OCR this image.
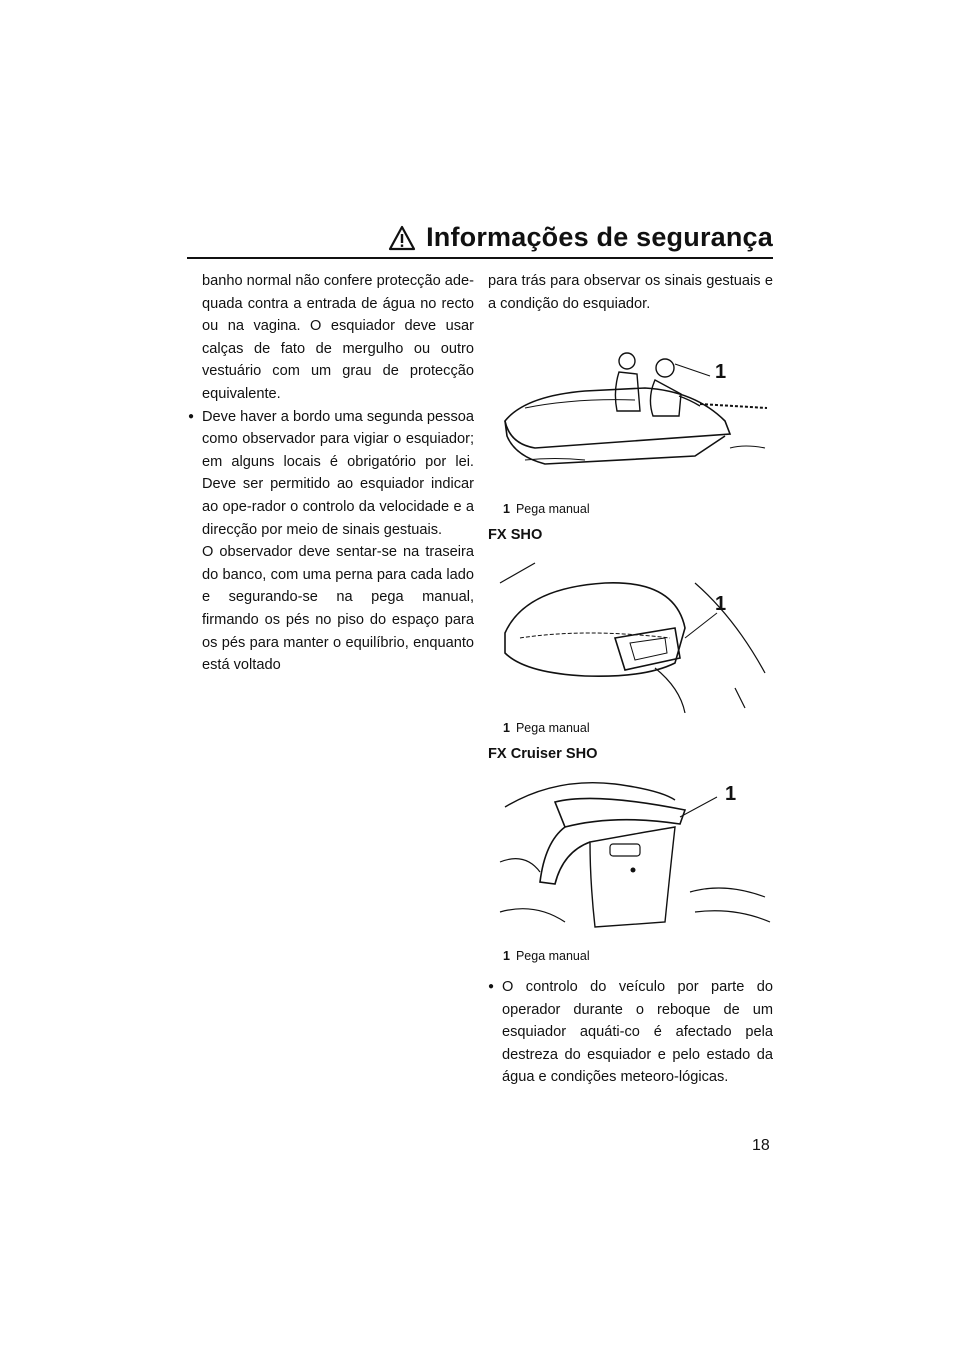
Informações de segurança

banho normal não confere protecção ade-quada contra a entrada de água no recto ou na vagina. O esquiador deve usar calças de fato de mergulho ou outro vestuário com um grau de protecção equivalente.

● Deve haver a bordo uma segunda pessoa como observador para vigiar o esquiador; em alguns locais é obrigatório por lei. Deve ser permitido ao esquiador indicar ao ope-rador o controlo da velocidade e a direcção por meio de sinais gestuais.

O observador deve sentar-se na traseira do banco, com uma perna para cada lado e segurando-se na pega manual, firmando os pés no piso do espaço para os pés para manter o equilíbrio, enquanto está voltado

para trás para observar os sinais gestuais e a condição do esquiador.

1
1 Pega manual
FX SHO
1
1 Pega manual
FX Cruiser SHO
1
1 Pega manual
● O controlo do veículo por parte do operador durante o reboque de um esquiador aquáti-co é afectado pela destreza do esquiador e pelo estado da água e condições meteoro-lógicas.

18
